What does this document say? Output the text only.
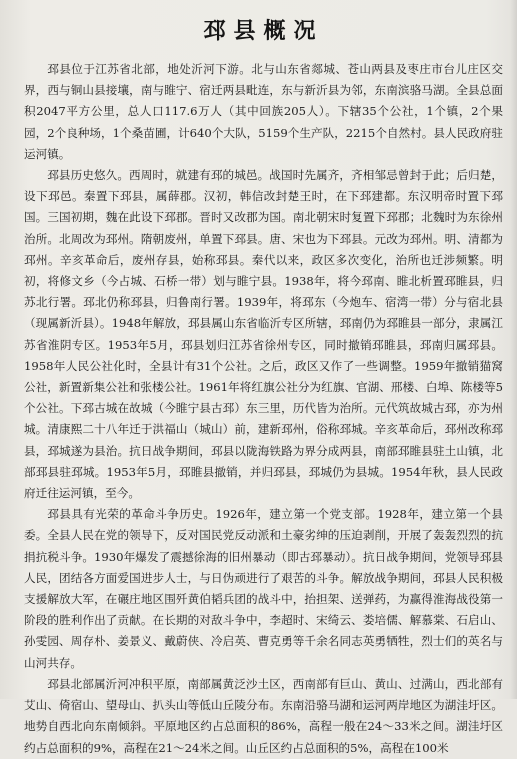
邳县概况

邳县位于江苏省北部，地处沂河下游。北与山东省郯城、苍山两县及枣庄市台儿庄区交界，西与铜山县接壤，南与睢宁、宿迁两县毗连，东与新沂县为邻，东南滨骆马湖。全县总面积2047平方公里，总人口117.6万人（其中回族205人）。下辖35个公社，1个镇，2个果园，2个良种场，1个桑苗圃，计640个大队，5159个生产队，2215个自然村。县人民政府驻运河镇。

邳县历史悠久。西周时，就建有邳的城邑。战国时先属齐，齐相邹忌曾封于此；后归楚，设下邳邑。秦置下邳县，属薛郡。汉初，韩信改封楚王时，在下邳建都。东汉明帝时置下邳国。三国初期，魏在此设下邳郡。晋时又改郡为国。南北朝宋时复置下邳郡；北魏时为东徐州治所。北周改为邳州。隋朝废州，单置下邳县。唐、宋也为下邳县。元改为邳州。明、清都为邳州。辛亥革命后，废州存县，始称邳县。秦代以来，政区多次变化，治所也迁涉频繁。明初，将修文乡（今占城、石桥一带）划与睢宁县。1938年，将今邳南、睢北析置邳睢县，归苏北行署。邳北仍称邳县，归鲁南行署。1939年，将邳东（今炮车、宿湾一带）分与宿北县（现属新沂县）。1948年解放，邳县属山东省临沂专区所辖，邳南仍为邳睢县一部分，隶属江苏省淮阴专区。1953年5月，邳县划归江苏省徐州专区，同时撤销邳睢县，邳南归属邳县。1958年人民公社化时，全县计有31个公社。之后，政区又作了一些调整。1959年撤销猫窝公社，新置新集公社和张楼公社。1961年将红旗公社分为红旗、官湖、邢楼、白埠、陈楼等5个公社。下邳古城在故城（今睢宁县古邳）东三里，历代皆为治所。元代筑故城古邳，亦为州城。清康熙二十八年迁于洪福山（城山）前，建新邳州，俗称邳城。辛亥革命后，邳州改称邳县，邳城遂为县治。抗日战争期间，邳县以陇海铁路为界分成两县，南部邳睢县驻土山镇，北部邳县驻邳城。1953年5月，邳睢县撤销，并归邳县，邳城仍为县城。1954年秋，县人民政府迁往运河镇，至今。

邳县具有光荣的革命斗争历史。1926年，建立第一个党支部。1928年，建立第一个县委。全县人民在党的领导下，反对国民党反动派和土豪劣绅的压迫剥削，开展了轰轰烈烈的抗捐抗税斗争。1930年爆发了震撼徐海的旧州暴动（即古邳暴动）。抗日战争期间，党领导邳县人民，团结各方面爱国进步人士，与日伪顽进行了艰苦的斗争。解放战争期间，邳县人民积极支援解放大军，在碾庄地区围歼黄伯韬兵团的战斗中，抬担架、送弹药，为赢得淮海战役第一阶段的胜利作出了贡献。在长期的对敌斗争中，李超时、宋绮云、娄培儒、解慕棠、石启山、孙雯园、周存朴、姜景义、戴蔚侠、冷启英、曹克勇等千余名同志英勇牺牲，烈士们的英名与山河共存。

邳县北部属沂河冲积平原，南部属黄泛沙土区，西南部有巨山、黄山、过满山，西北部有艾山、倚宿山、望母山、扒头山等低山丘陵分布。东南沿骆马湖和运河两岸地区为湖洼圩区。地势自西北向东南倾斜。平原地区约占总面积的86%，高程一般在24～33米之间。湖洼圩区约占总面积的9%，高程在21～24米之间。山丘区约占总面积的5%，高程在100米
